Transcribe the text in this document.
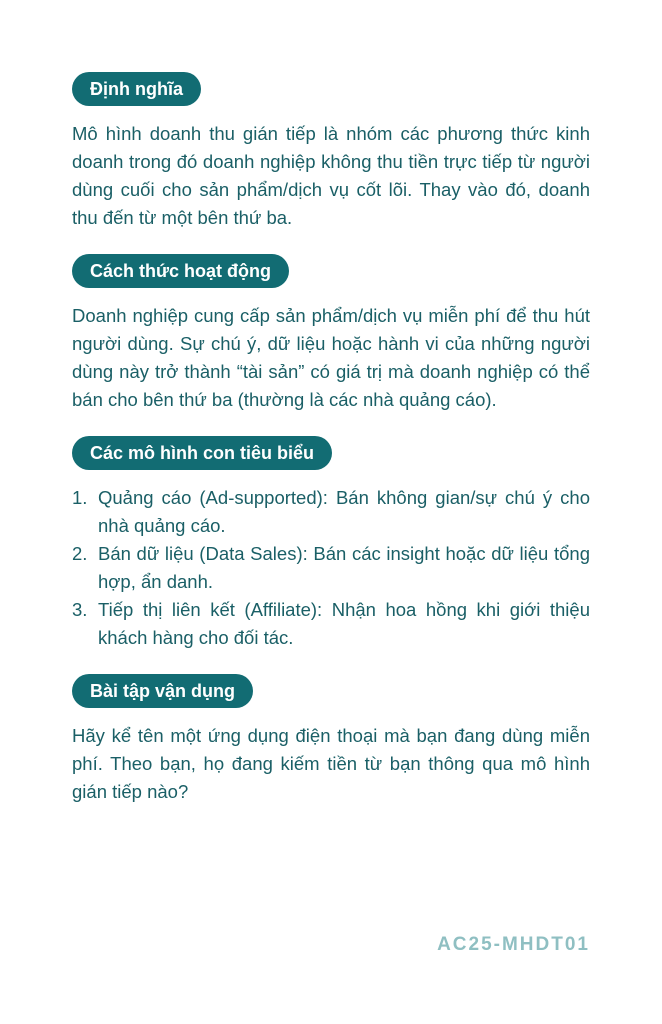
Định nghĩa

Mô hình doanh thu gián tiếp là nhóm các phương thức kinh doanh trong đó doanh nghiệp không thu tiền trực tiếp từ người dùng cuối cho sản phẩm/dịch vụ cốt lõi. Thay vào đó, doanh thu đến từ một bên thứ ba.

Cách thức hoạt động

Doanh nghiệp cung cấp sản phẩm/dịch vụ miễn phí để thu hút người dùng. Sự chú ý, dữ liệu hoặc hành vi của những người dùng này trở thành “tài sản” có giá trị mà doanh nghiệp có thể bán cho bên thứ ba (thường là các nhà quảng cáo).

Các mô hình con tiêu biểu
1. Quảng cáo (Ad-supported): Bán không gian/sự chú ý cho nhà quảng cáo.
2. Bán dữ liệu (Data Sales): Bán các insight hoặc dữ liệu tổng hợp, ẩn danh.
3. Tiếp thị liên kết (Affiliate): Nhận hoa hồng khi giới thiệu khách hàng cho đối tác.
Bài tập vận dụng

Hãy kể tên một ứng dụng điện thoại mà bạn đang dùng miễn phí. Theo bạn, họ đang kiếm tiền từ bạn thông qua mô hình gián tiếp nào?

AC25-MHDT01
